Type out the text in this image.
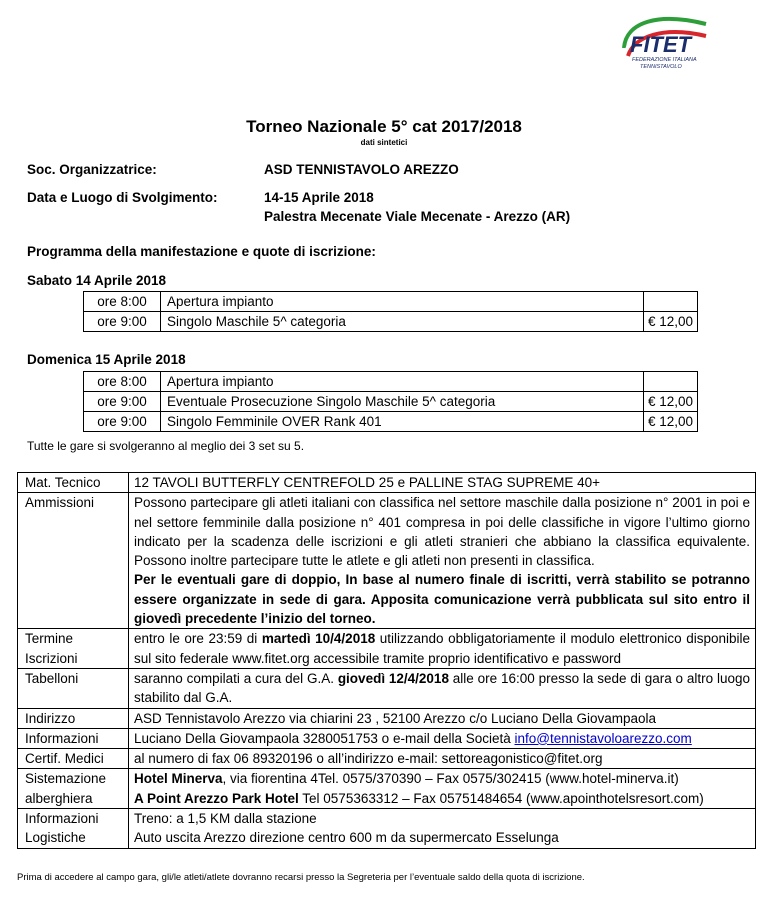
FITET
FEDERAZIONE ITALIANA
TENNISTAVOLO
Torneo Nazionale 5° cat 2017/2018
dati sintetici
Soc. Organizzatrice:	ASD TENNISTAVOLO AREZZO
Data e Luogo di Svolgimento:	14-15 Aprile 2018
Palestra Mecenate Viale Mecenate - Arezzo (AR)
Programma della manifestazione e quote di iscrizione:
Sabato 14 Aprile 2018
ore 8:00	Apertura impianto	
ore 9:00	Singolo Maschile 5^ categoria	€ 12,00
Domenica 15 Aprile 2018
ore 8:00	Apertura impianto	
ore 9:00	Eventuale Prosecuzione Singolo Maschile 5^ categoria	€ 12,00
ore 9:00	Singolo Femminile OVER Rank 401	€ 12,00
Tutte le gare si svolgeranno al meglio dei 3 set su 5.
Mat. Tecnico	12 TAVOLI BUTTERFLY CENTREFOLD 25 e PALLINE STAG SUPREME 40+
Ammissioni	Possono partecipare gli atleti italiani con classifica nel settore maschile dalla posizione n° 2001 in poi e nel settore femminile dalla posizione n° 401 compresa in poi delle classifiche in vigore l’ultimo giorno indicato per la scadenza delle iscrizioni e gli atleti stranieri che abbiano la classifica equivalente. Possono inoltre partecipare tutte le atlete e gli atleti non presenti in classifica.
Per le eventuali gare di doppio, In base al numero finale di iscritti, verrà stabilito se potranno essere organizzate in sede di gara. Apposita comunicazione verrà pubblicata sul sito entro il giovedì precedente l’inizio del torneo.
Termine
Iscrizioni	entro le ore 23:59 di martedì 10/4/2018 utilizzando obbligatoriamente il modulo elettronico disponibile sul sito federale www.fitet.org accessibile tramite proprio identificativo e password
Tabelloni	saranno compilati a cura del G.A. giovedì 12/4/2018 alle ore 16:00 presso la sede di gara o altro luogo stabilito dal G.A.
Indirizzo	ASD Tennistavolo Arezzo via chiarini 23 , 52100 Arezzo c/o Luciano Della Giovampaola
Informazioni	Luciano Della Giovampaola 3280051753 o e-mail della Società info@tennistavoloarezzo.com
Certif. Medici	al numero di fax 06 89320196 o all’indirizzo e-mail: settoreagonistico@fitet.org
Sistemazione
alberghiera	Hotel Minerva, via fiorentina 4Tel. 0575/370390 – Fax 0575/302415 (www.hotel-minerva.it)
A Point Arezzo Park Hotel Tel 0575363312 – Fax 05751484654 (www.apointhotelsresort.com)
Informazioni
Logistiche	Treno: a 1,5 KM dalla stazione
Auto uscita Arezzo direzione centro 600 m da supermercato Esselunga
Prima di accedere al campo gara, gli/le atleti/atlete dovranno recarsi presso la Segreteria per l’eventuale saldo della quota di iscrizione.
